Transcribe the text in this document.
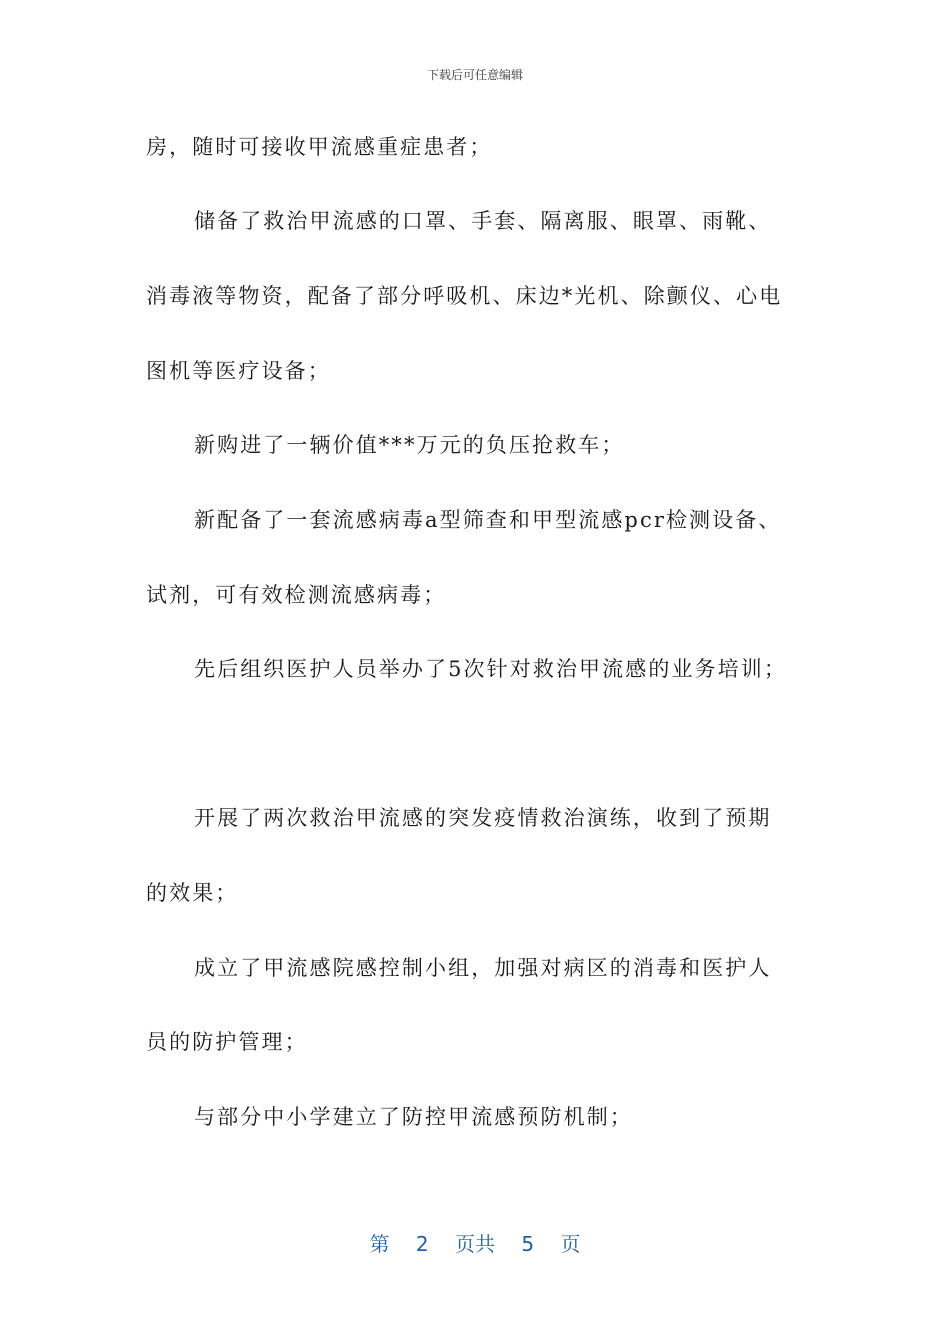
下载后可任意编辑
房，随时可接收甲流感重症患者；
储备了救治甲流感的口罩、手套、隔离服、眼罩、雨靴、
消毒液等物资，配备了部分呼吸机、床边*光机、除颤仪、心电
图机等医疗设备；
新购进了一辆价值***万元的负压抢救车；
新配备了一套流感病毒a型筛查和甲型流感pcr检测设备、
试剂，可有效检测流感病毒；
先后组织医护人员举办了5次针对救治甲流感的业务培训；
开展了两次救治甲流感的突发疫情救治演练，收到了预期
的效果；
成立了甲流感院感控制小组，加强对病区的消毒和医护人
员的防护管理；
与部分中小学建立了防控甲流感预防机制；
第 2 页共 5 页
